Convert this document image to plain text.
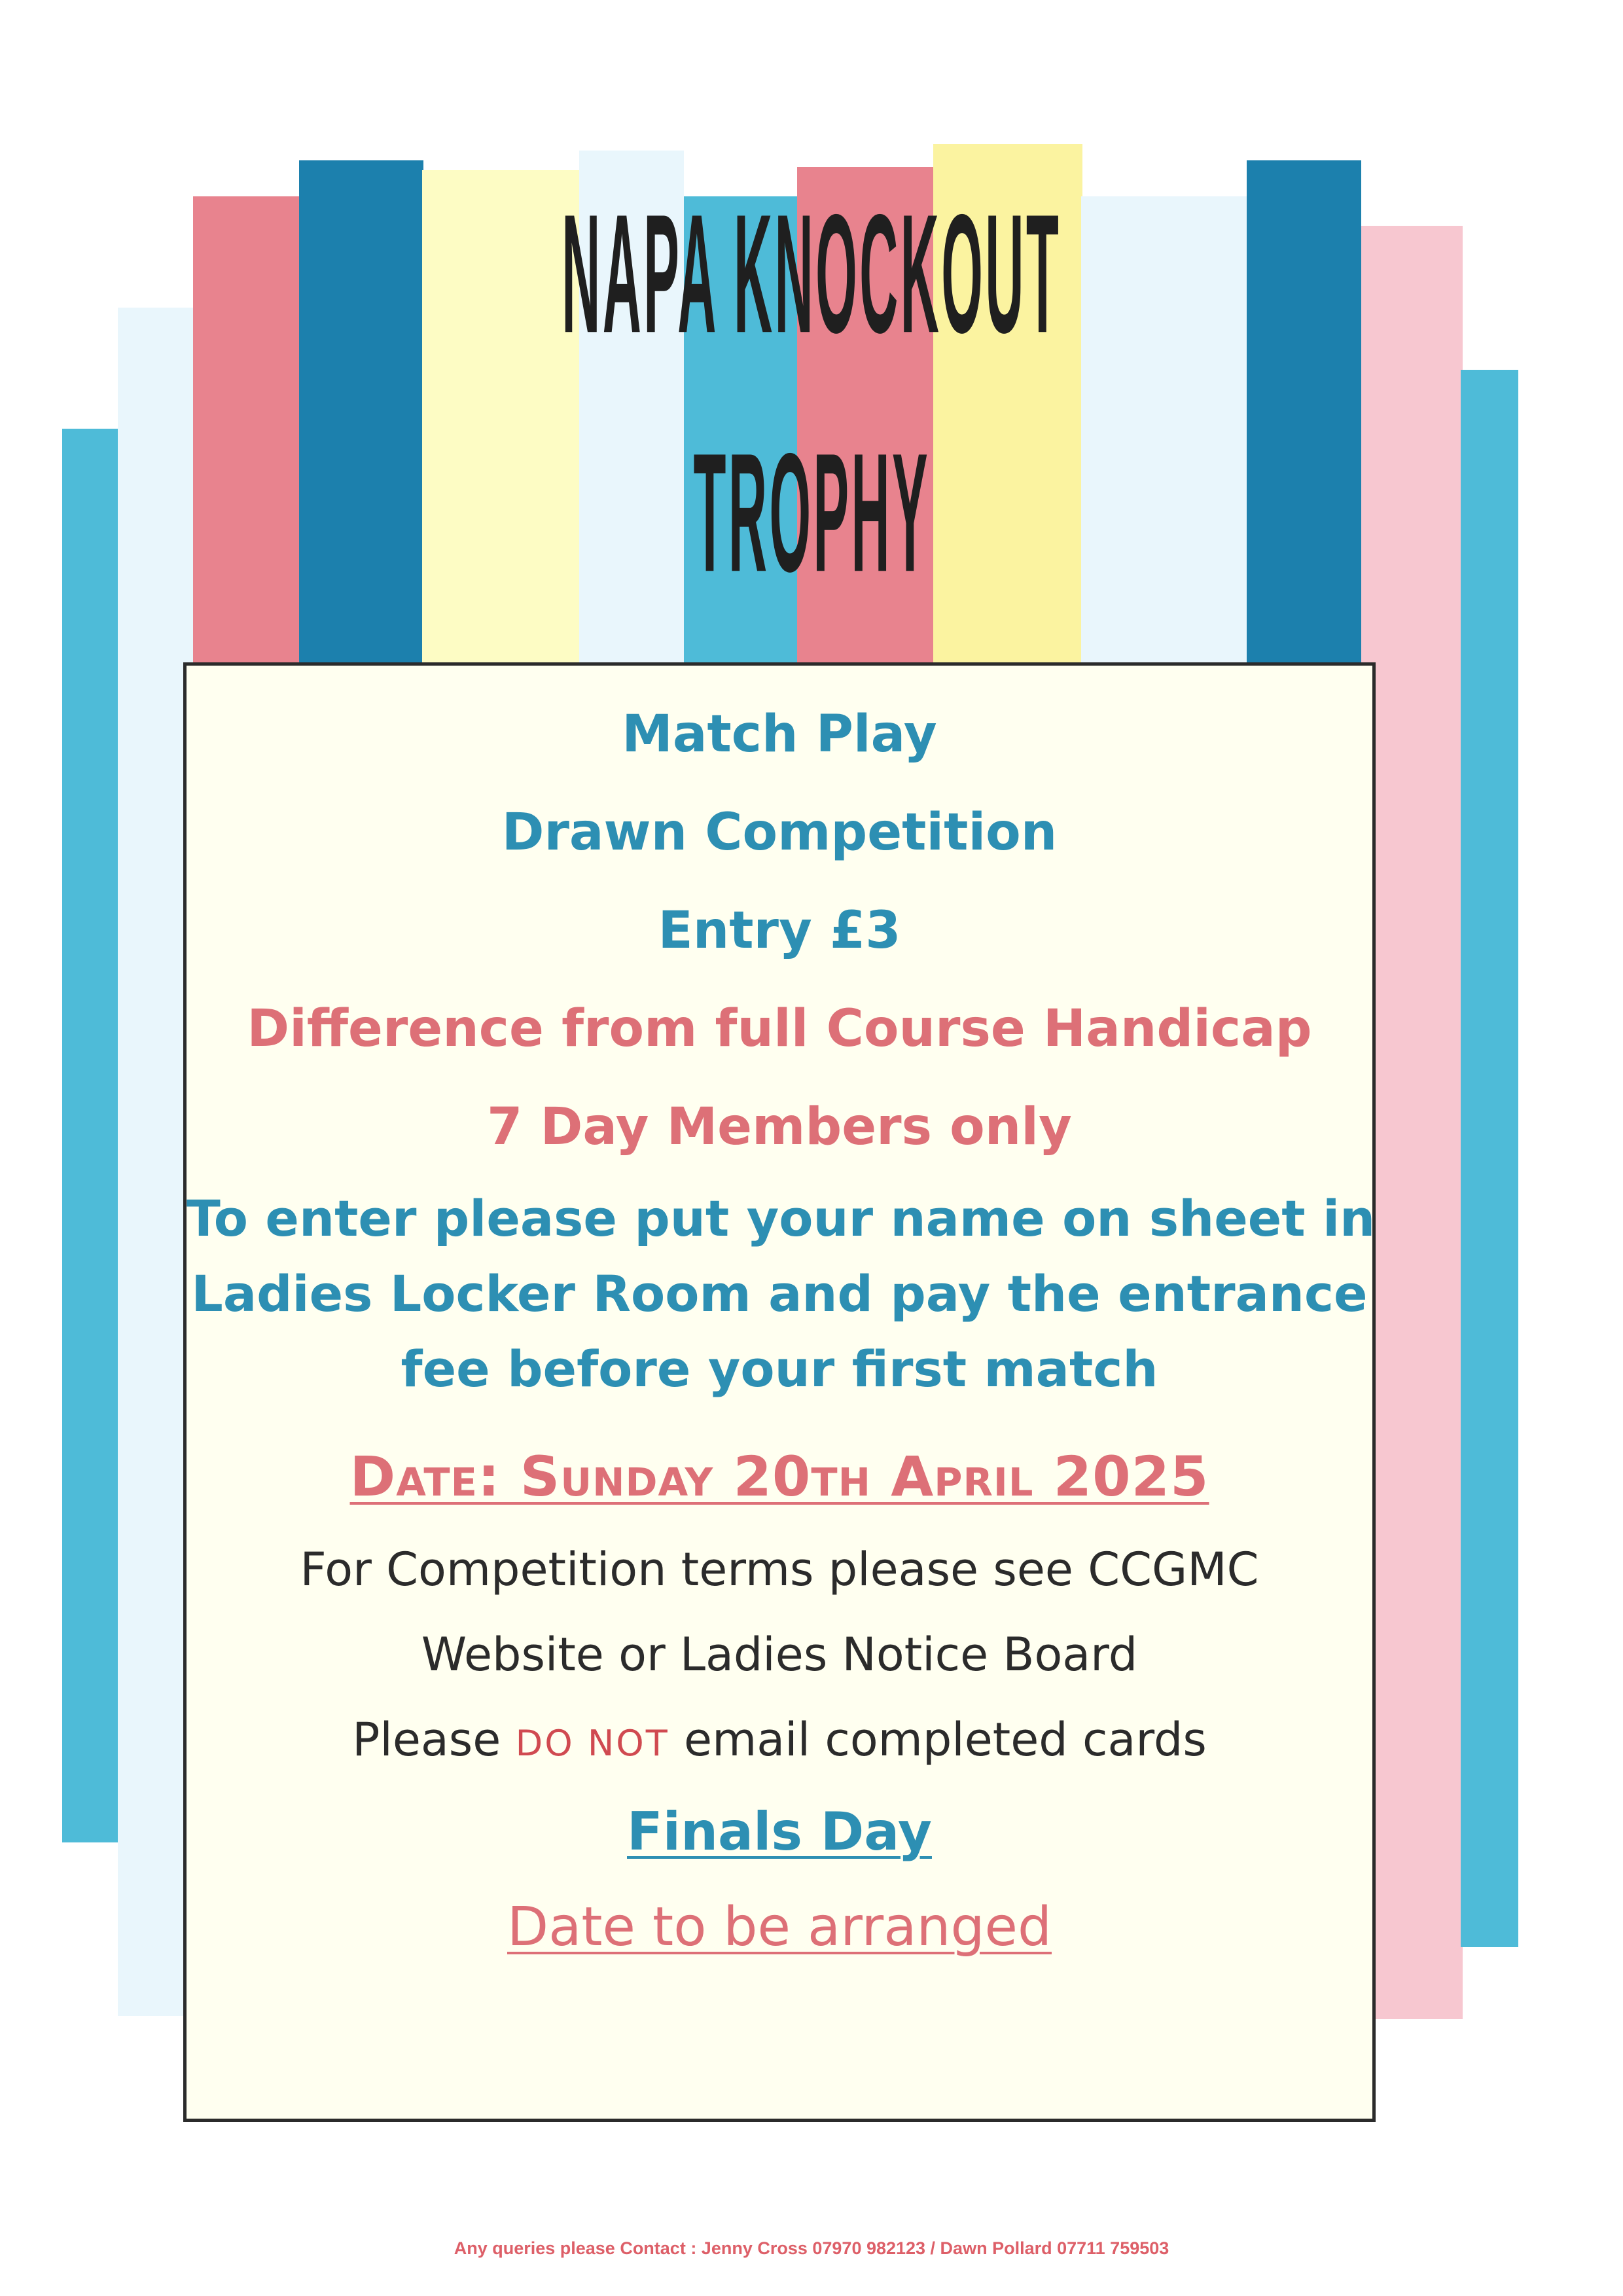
NAPA KNOCKOUT
TROPHY
Match Play
Drawn Competition
Entry £3
Difference from full Course Handicap
7 Day Members only
To enter please put your name on sheet in
Ladies Locker Room and pay the entrance
fee before your first match
Date: Sunday 20th April 2025
For Competition terms please see CCGMC
Website or Ladies Notice Board
Please DO NOT email completed cards
Finals Day
Date to be arranged
Any queries please Contact : Jenny Cross 07970 982123 / Dawn Pollard 07711 759503
